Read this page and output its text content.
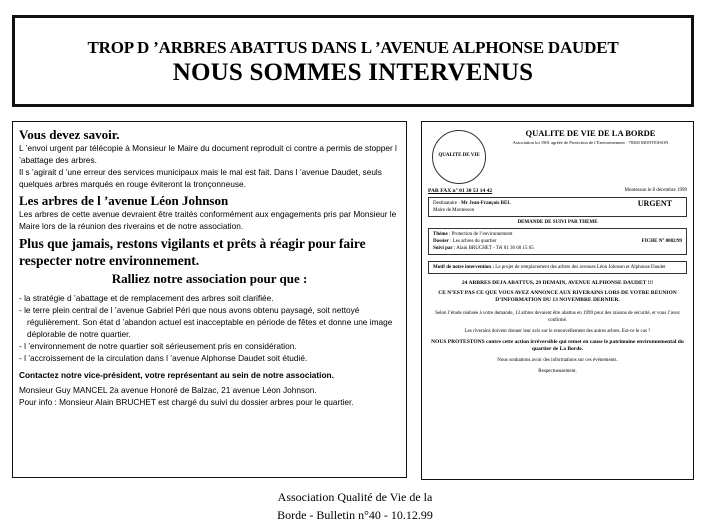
TROP D ’ARBRES ABATTUS DANS L ’AVENUE ALPHONSE DAUDET
NOUS SOMMES INTERVENUS
Vous devez savoir.
L ’envoi urgent par télécopie à Monsieur le Maire du document reproduit ci contre a permis de stopper l ’abattage des arbres.
Il s ’agirait d ’une erreur des services municipaux mais le mal est fait. Dans l ’avenue Daudet, seuls quelques arbres marqués en rouge éviteront la tronçonneuse.
Les arbres de l ’avenue Léon Johnson
Les arbres de cette avenue devraient être traités conformément aux engagements pris par Monsieur le Maire lors de la réunion des riverains et de notre association.
Plus que jamais, restons vigilants et prêts à réagir pour faire respecter notre environnement.
Ralliez notre association pour que :
- la stratégie d ’abattage et de remplacement des arbres soit clarifiée.
- le terre plein central de l ’avenue Gabriel Péri que nous avons obtenu paysagé, soit nettoyé régulièrement. Son état d ’abandon actuel est inacceptable en période de fêtes et donne une image déplorable de notre quartier.
- l ’environnement de notre quartier soit sérieusement pris en considération.
- l ’accroissement de la circulation dans l ’avenue Alphonse Daudet soit étudié.
Contactez notre vice-président, votre représentant au sein de notre association.
Monsieur Guy MANCEL 2a avenue Honoré de Balzac, 21 avenue Léon Johnson.
Pour info : Monsieur Alain BRUCHET est chargé du suivi du dossier arbres pour le quartier.
QUALITE DE VIE
QUALITE DE VIE DE LA BORDE
Association loi 1901 agréée de Protection de l’Environnement · 78360 MONTESSON
PAR FAX n° 01 30 53 14 42	Montesson le 8 décembre 1999
Destinataire : Mr Jean-François BEL	URGENT
Maire de Montesson
DEMANDE DE SUIVI PAR THEME
Thème : Protection de l’environnement
Dossier : Les arbres du quartier
Suivi par : Alain BRUCHET - Tél 01 30 60 15 65
FICHE N° 0002/99
Motif de notre intervention : Le projet de remplacement des arbres des avenues Léon Johnson et Alphonse Daudet
24 ARBRES DEJA ABATTUS, 29 DEMAIN, AVENUE ALPHONSE DAUDET !!!
CE N’EST PAS CE QUE VOUS AVEZ ANNONCE AUX RIVERAINS LORS DE VOTRE REUNION D’INFORMATION DU 13 NOVEMBRE DERNIER.
Selon l’étude réalisée à votre demande, 13 arbres devaient être abattus en 1999 pour des raisons de sécurité, et vous l’avez confirmé.
Les riverains doivent donner leur avis sur le renouvellement des autres arbres. Est-ce le cas ?
NOUS PROTESTONS contre cette action irréversible qui remet en cause le patrimoine environnemental du quartier de La Borde.
Nous souhaitons avoir des informations sur ces événements.
Respectueusement.
Association Qualité de Vie de la
Borde - Bulletin n°40 - 10.12.99
